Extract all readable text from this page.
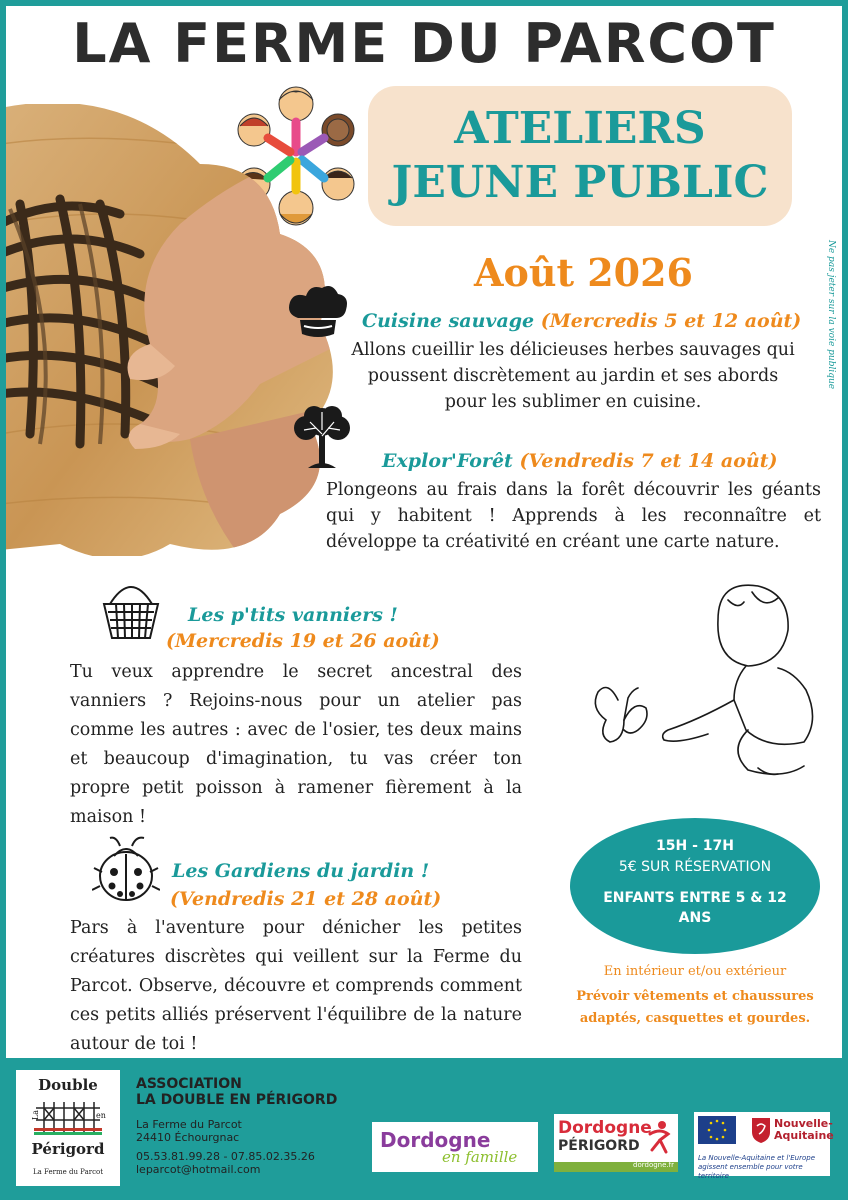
LA FERME DU PARCOT
ATELIERS
JEUNE PUBLIC
Août 2026	Ne pas jeter sur la voie publique
Cuisine sauvage (Mercredis 5 et 12 août)
Allons cueillir les délicieuses herbes sauvages qui
poussent discrètement au jardin et ses abords
pour les sublimer en cuisine.
Explor'Forêt (Vendredis 7 et 14 août)

Plongeons au frais dans la forêt découvrir les géants qui y habitent ! Apprends à les reconnaître et développe ta créativité en créant une carte nature.

Les p'tits vanniers !
(Mercredis 19 et 26 août)

Tu veux apprendre le secret ancestral des vanniers ? Rejoins-nous pour un atelier pas comme les autres : avec de l'osier, tes deux mains et beaucoup d'imagination, tu vas créer ton propre petit poisson à ramener fièrement à la maison !

Les Gardiens du jardin !
(Vendredis 21 et 28 août)

Pars à l'aventure pour dénicher les petites créatures discrètes qui veillent sur la Ferme du Parcot. Observe, découvre et comprends comment ces petits alliés préservent l'équilibre de la nature autour de toi !

15H - 17H
5€ SUR RÉSERVATION
ENFANTS ENTRE 5 & 12
ANS
En intérieur et/ou extérieur
Prévoir vêtements et chaussures
adaptés, casquettes et gourdes.
Double
La	en
Périgord
La Ferme du Parcot
ASSOCIATION
LA DOUBLE EN PÉRIGORD
La Ferme du Parcot
24410 Échourgnac
05.53.81.99.28 - 07.85.02.35.26
leparcot@hotmail.com
Dordogne
en famille
Dordogne
PÉRIGORD
dordogne.fr
Nouvelle-
Aquitaine
La Nouvelle-Aquitaine et l'Europe
agissent ensemble pour votre territoire
